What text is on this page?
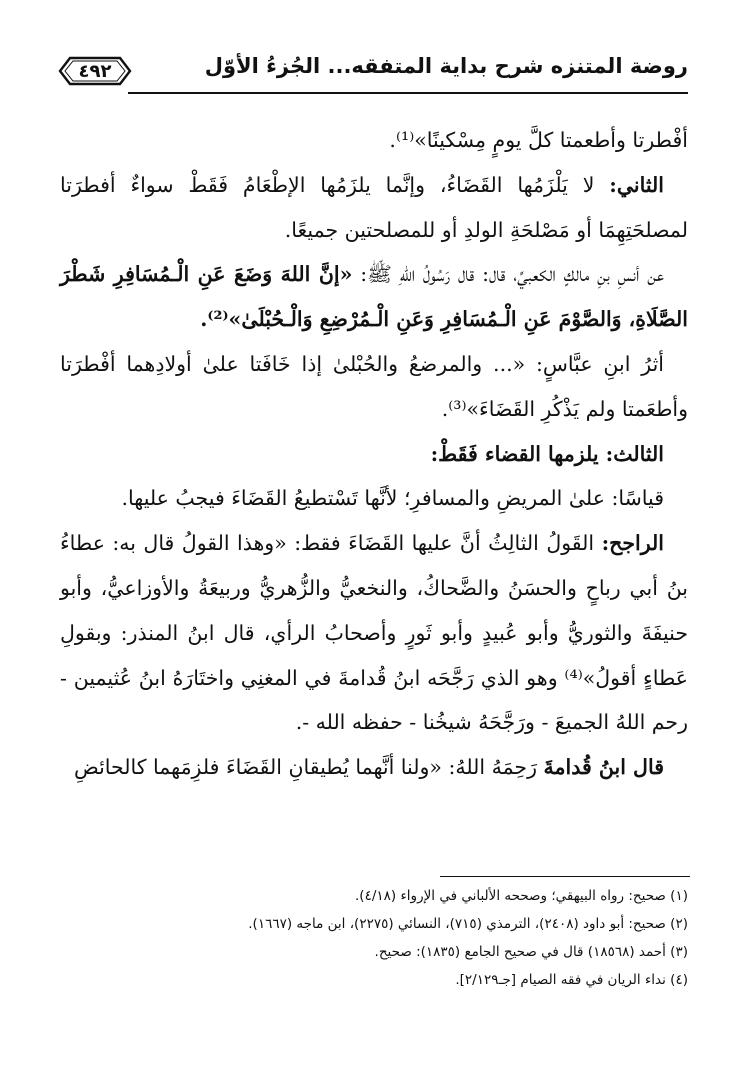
٤٩٢	روضة المتنزه شرح بداية المتفقه... الجُزءُ الأوّل

أفْطرتا وأطعمتا كلَّ يومٍ مِسْكينًا»⁽¹⁾.

الثاني: لا يَلْزَمُها القَضَاءُ، وإنَّما يلزَمُها الإطْعَامُ فَقَطْ سواءٌ أفطرَتا لمصلحَتِهِمَا أو مَصْلحَةِ الولدِ أو للمصلحتين جميعًا.

عن أنسِ بنِ مالكٍ الكعبيِّ، قال: قال رَسُولُ اللهِ ﷺ: «إنَّ اللهَ وَضَعَ عَنِ الْـمُسَافِرِ شَطْرَ الصَّلَاةِ، وَالصَّوْمَ عَنِ الْـمُسَافِرِ وَعَنِ الْـمُرْضِعِ وَالْـحُبْلَىٰ»⁽²⁾.

أثرُ ابنِ عبَّاسٍ: «... والمرضعُ والحُبْلىٰ إذا خَافَتا علىٰ أولادِهما أفْطرَتا وأطعَمتا ولم يَذْكُرِ القَضَاءَ»⁽³⁾.

الثالث: يلزمها القضاء فَقَطْ:

قياسًا: علىٰ المريضِ والمسافرِ؛ لأنَّها تَسْتطيعُ القَضَاءَ فيجبُ عليها.

الراجح: القَولُ الثالِثُ أنَّ عليها القَضَاءَ فقط: «وهذا القولُ قال به: عطاءُ بنُ أبي رباحٍ والحسَنُ والضَّحاكُ، والنخعيُّ والزُّهريُّ وربيعَةُ والأوزاعيُّ، وأبو حنيفَةَ والثوريُّ وأبو عُبيدٍ وأبو ثَورٍ وأصحابُ الرأي، قال ابنُ المنذر: وبقولِ عَطاءٍ أقولُ»⁽⁴⁾ وهو الذي رَجَّحَه ابنُ قُدامةَ في المغنِي واختَارَهُ ابنُ عُثيمين - رحم اللهُ الجميعَ - ورَجَّحَهُ شيخُنا - حفظه الله -.

قال ابنُ قُدامةَ رَحِمَهُ اللهُ: «ولنا أنَّهما يُطيقانِ القَضَاءَ فلزِمَهما كالحائضِ

(١) صحيح: رواه البيهقي؛ وصححه الألباني في الإرواء (٤/١٨).

(٢) صحيح: أبو داود (٢٤٠٨)، الترمذي (٧١٥)، النسائي (٢٢٧٥)، ابن ماجه (١٦٦٧).

(٣) أحمد (١٨٥٦٨) قال في صحيح الجامع (١٨٣٥): صحيح.

(٤) نداء الريان في فقه الصيام [جـ٢/١٢٩].
